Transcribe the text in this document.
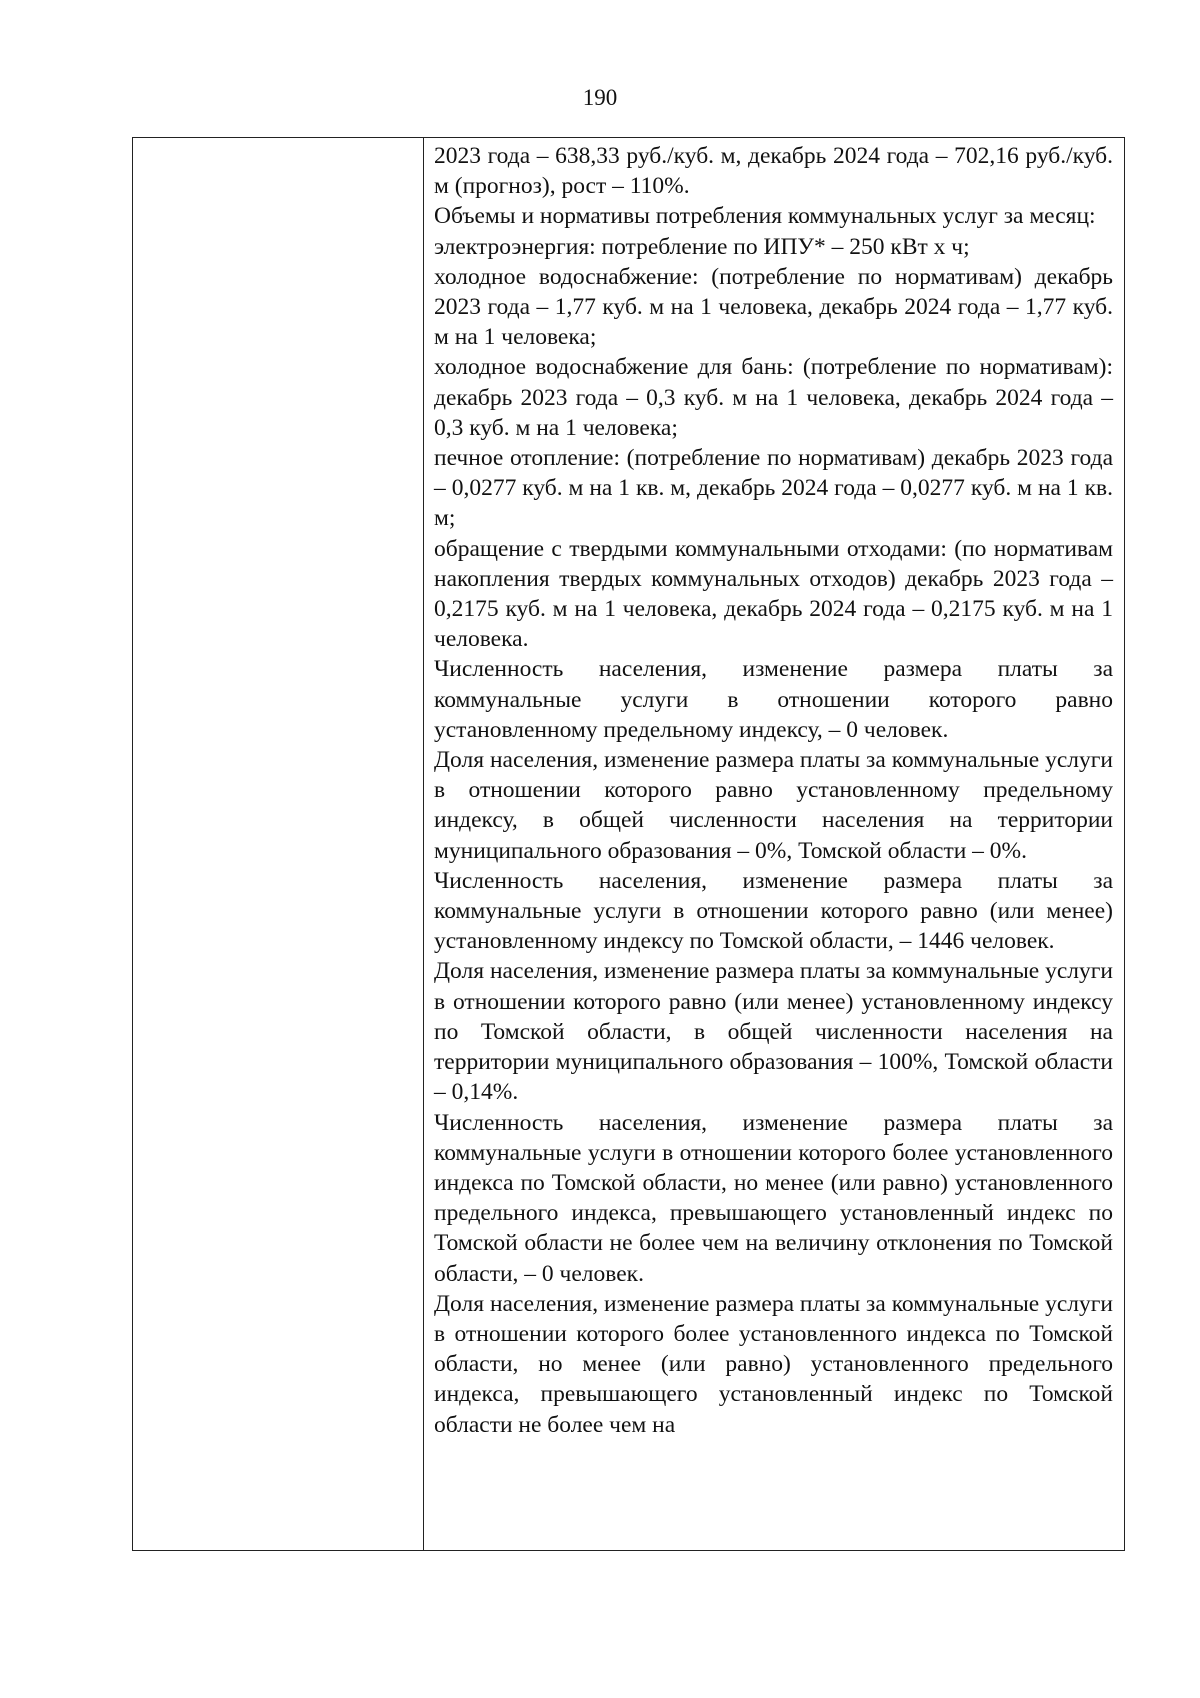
190

2023 года – 638,33 руб./куб. м, декабрь 2024 года – 702,16 руб./куб. м (прогноз), рост – 110%.

Объемы и нормативы потребления коммунальных услуг за месяц:

электроэнергия: потребление по ИПУ* – 250 кВт х ч;

холодное водоснабжение: (потребление по нормативам) декабрь 2023 года – 1,77 куб. м на 1 человека, декабрь 2024 года – 1,77 куб. м на 1 человека;

холодное водоснабжение для бань: (потребление по нормативам): декабрь 2023 года – 0,3 куб. м на 1 человека, декабрь 2024 года – 0,3 куб. м на 1 человека;

печное отопление: (потребление по нормативам) декабрь 2023 года – 0,0277 куб. м на 1 кв. м, декабрь 2024 года – 0,0277 куб. м на 1 кв. м;

обращение с твердыми коммунальными отходами: (по нормативам накопления твердых коммунальных отходов) декабрь 2023 года – 0,2175 куб. м на 1 человека, декабрь 2024 года – 0,2175 куб. м на 1 человека.

Численность населения, изменение размера платы за коммунальные услуги в отношении которого равно установленному предельному индексу, – 0 человек.

Доля населения, изменение размера платы за коммунальные услуги в отношении которого равно установленному предельному индексу, в общей численности населения на территории муниципального образования – 0%, Томской области – 0%.

Численность населения, изменение размера платы за коммунальные услуги в отношении которого равно (или менее) установленному индексу по Томской области, – 1446 человек.

Доля населения, изменение размера платы за коммунальные услуги в отношении которого равно (или менее) установленному индексу по Томской области, в общей численности населения на территории муниципального образования – 100%, Томской области – 0,14%.

Численность населения, изменение размера платы за коммунальные услуги в отношении которого более установленного индекса по Томской области, но менее (или равно) установленного предельного индекса, превышающего установленный индекс по Томской области не более чем на величину отклонения по Томской области, – 0 человек.

Доля населения, изменение размера платы за коммунальные услуги в отношении которого более установленного индекса по Томской области, но менее (или равно) установленного предельного индекса, превышающего установленный индекс по Томской области не более чем на
